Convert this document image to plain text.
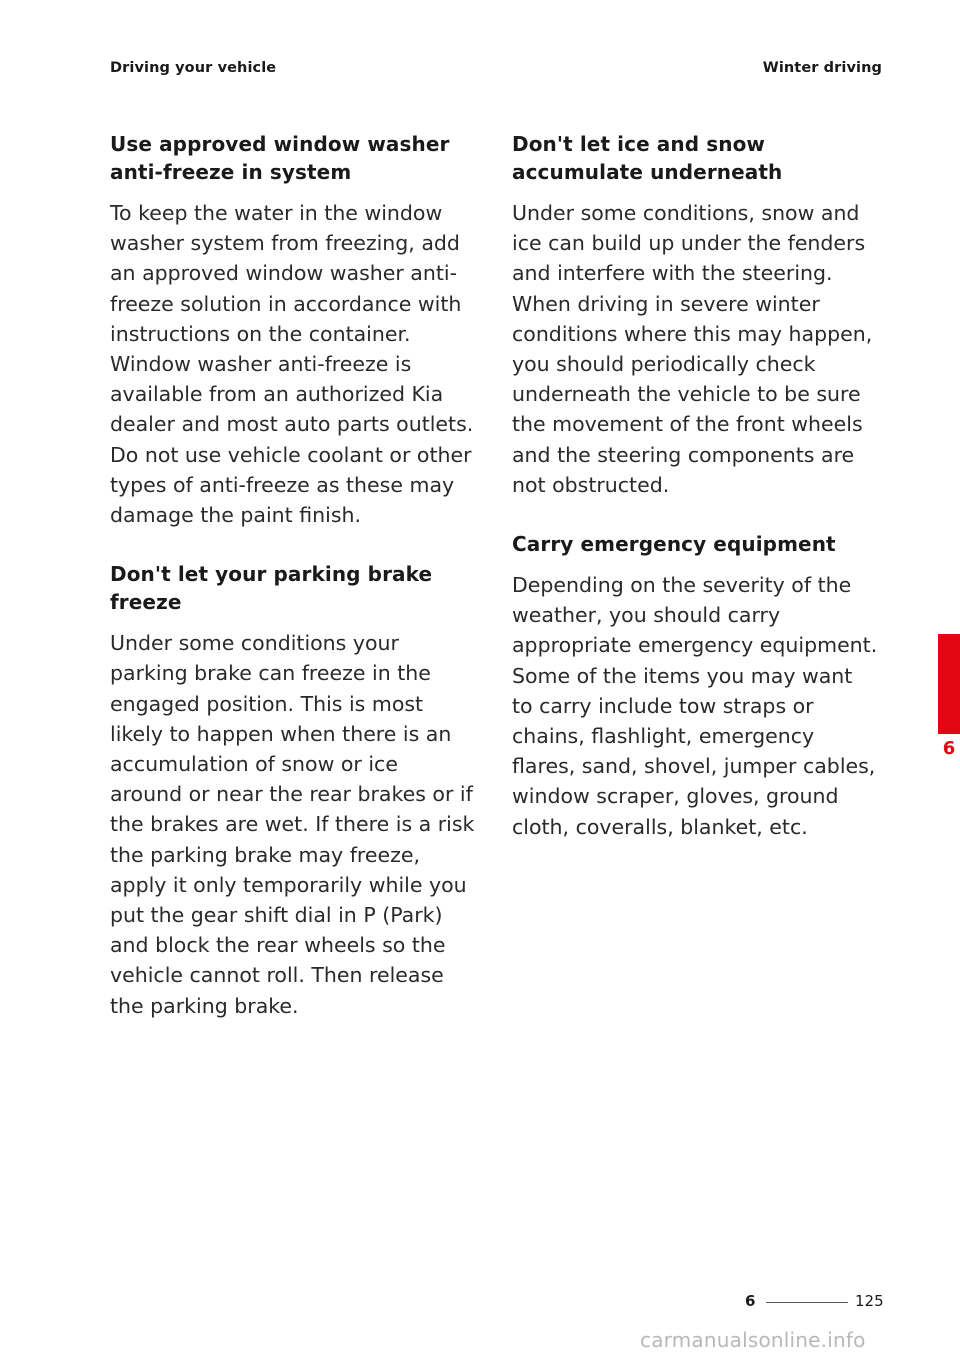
Driving your vehicle	Winter driving
Use approved window washer anti-freeze in system

To keep the water in the window washer system from freezing, add an approved window washer anti-freeze solution in accordance with instructions on the container. Window washer anti-freeze is available from an authorized Kia dealer and most auto parts outlets. Do not use vehicle coolant or other types of anti-freeze as these may damage the paint finish.

Don't let your parking brake freeze

Under some conditions your parking brake can freeze in the engaged position. This is most likely to happen when there is an accumulation of snow or ice around or near the rear brakes or if the brakes are wet. If there is a risk the parking brake may freeze, apply it only temporarily while you put the gear shift dial in P (Park) and block the rear wheels so the vehicle cannot roll. Then release the parking brake.

Don't let ice and snow accumulate underneath

Under some conditions, snow and ice can build up under the fenders and interfere with the steering. When driving in severe winter conditions where this may happen, you should periodically check underneath the vehicle to be sure the movement of the front wheels and the steering components are not obstructed.

Carry emergency equipment

Depending on the severity of the weather, you should carry appropriate emergency equipment. Some of the items you may want to carry include tow straps or chains, flashlight, emergency flares, sand, shovel, jumper cables, window scraper, gloves, ground cloth, coveralls, blanket, etc.

6
6	125
carmanualsonline.info
